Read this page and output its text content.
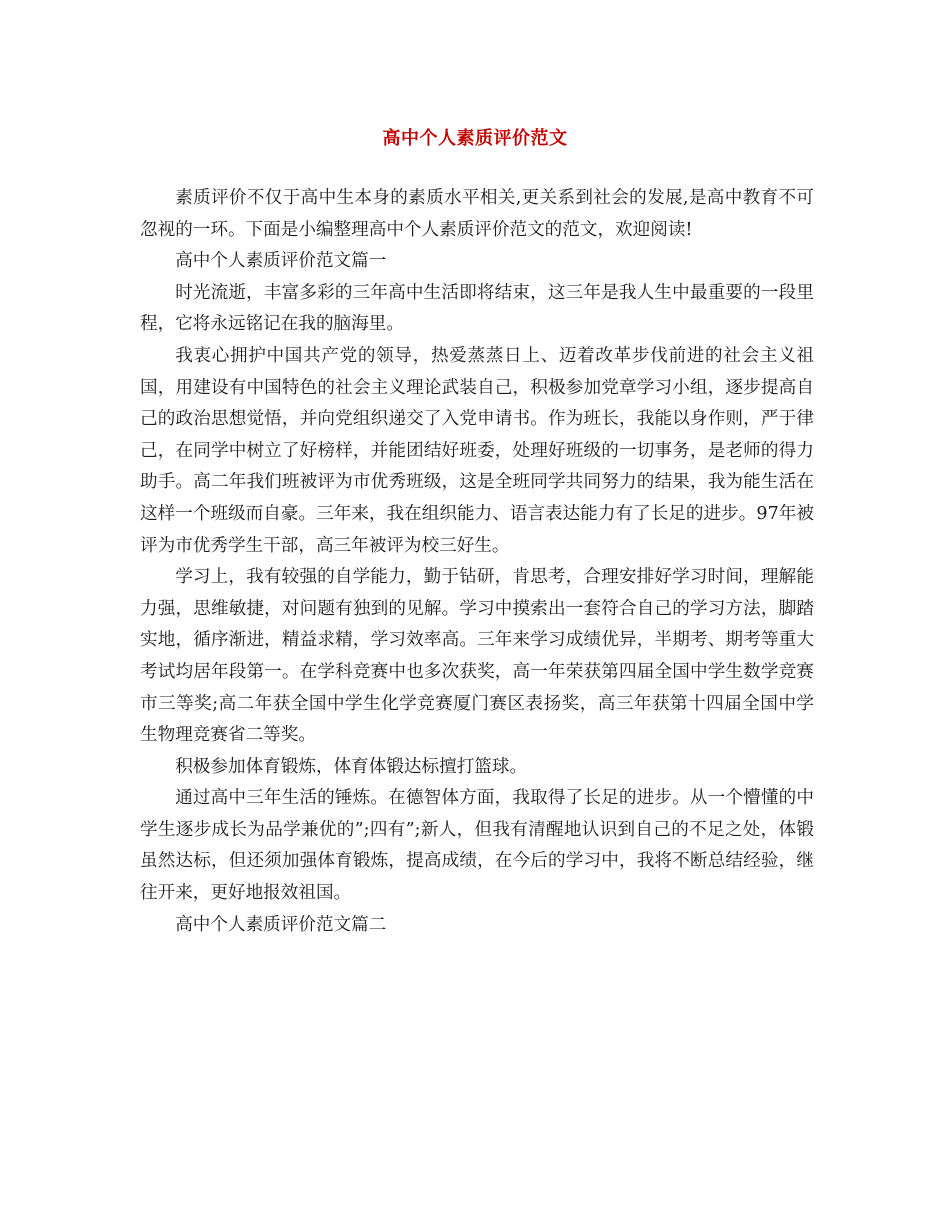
高中个人素质评价范文

素质评价不仅于高中生本身的素质水平相关,更关系到社会的发展,是高中教育不可忽视的一环。下面是小编整理高中个人素质评价范文的范文，欢迎阅读!

高中个人素质评价范文篇一

时光流逝，丰富多彩的三年高中生活即将结束，这三年是我人生中最重要的一段里程，它将永远铭记在我的脑海里。

我衷心拥护中国共产党的领导，热爱蒸蒸日上、迈着改革步伐前进的社会主义祖国，用建设有中国特色的社会主义理论武装自己，积极参加党章学习小组，逐步提高自己的政治思想觉悟，并向党组织递交了入党申请书。作为班长，我能以身作则，严于律己，在同学中树立了好榜样，并能团结好班委，处理好班级的一切事务，是老师的得力助手。高二年我们班被评为市优秀班级，这是全班同学共同努力的结果，我为能生活在这样一个班级而自豪。三年来，我在组织能力、语言表达能力有了长足的进步。97年被评为市优秀学生干部，高三年被评为校三好生。

学习上，我有较强的自学能力，勤于钻研，肯思考，合理安排好学习时间，理解能力强，思维敏捷，对问题有独到的见解。学习中摸索出一套符合自己的学习方法，脚踏实地，循序渐进，精益求精，学习效率高。三年来学习成绩优异，半期考、期考等重大考试均居年段第一。在学科竞赛中也多次获奖，高一年荣获第四届全国中学生数学竞赛市三等奖;高二年获全国中学生化学竞赛厦门赛区表扬奖，高三年获第十四届全国中学生物理竞赛省二等奖。

积极参加体育锻炼，体育体锻达标擅打篮球。

通过高中三年生活的锤炼。在德智体方面，我取得了长足的进步。从一个懵懂的中学生逐步成长为品学兼优的”;四有”;新人，但我有清醒地认识到自己的不足之处，体锻虽然达标，但还须加强体育锻炼，提高成绩，在今后的学习中，我将不断总结经验，继往开来，更好地报效祖国。

高中个人素质评价范文篇二
